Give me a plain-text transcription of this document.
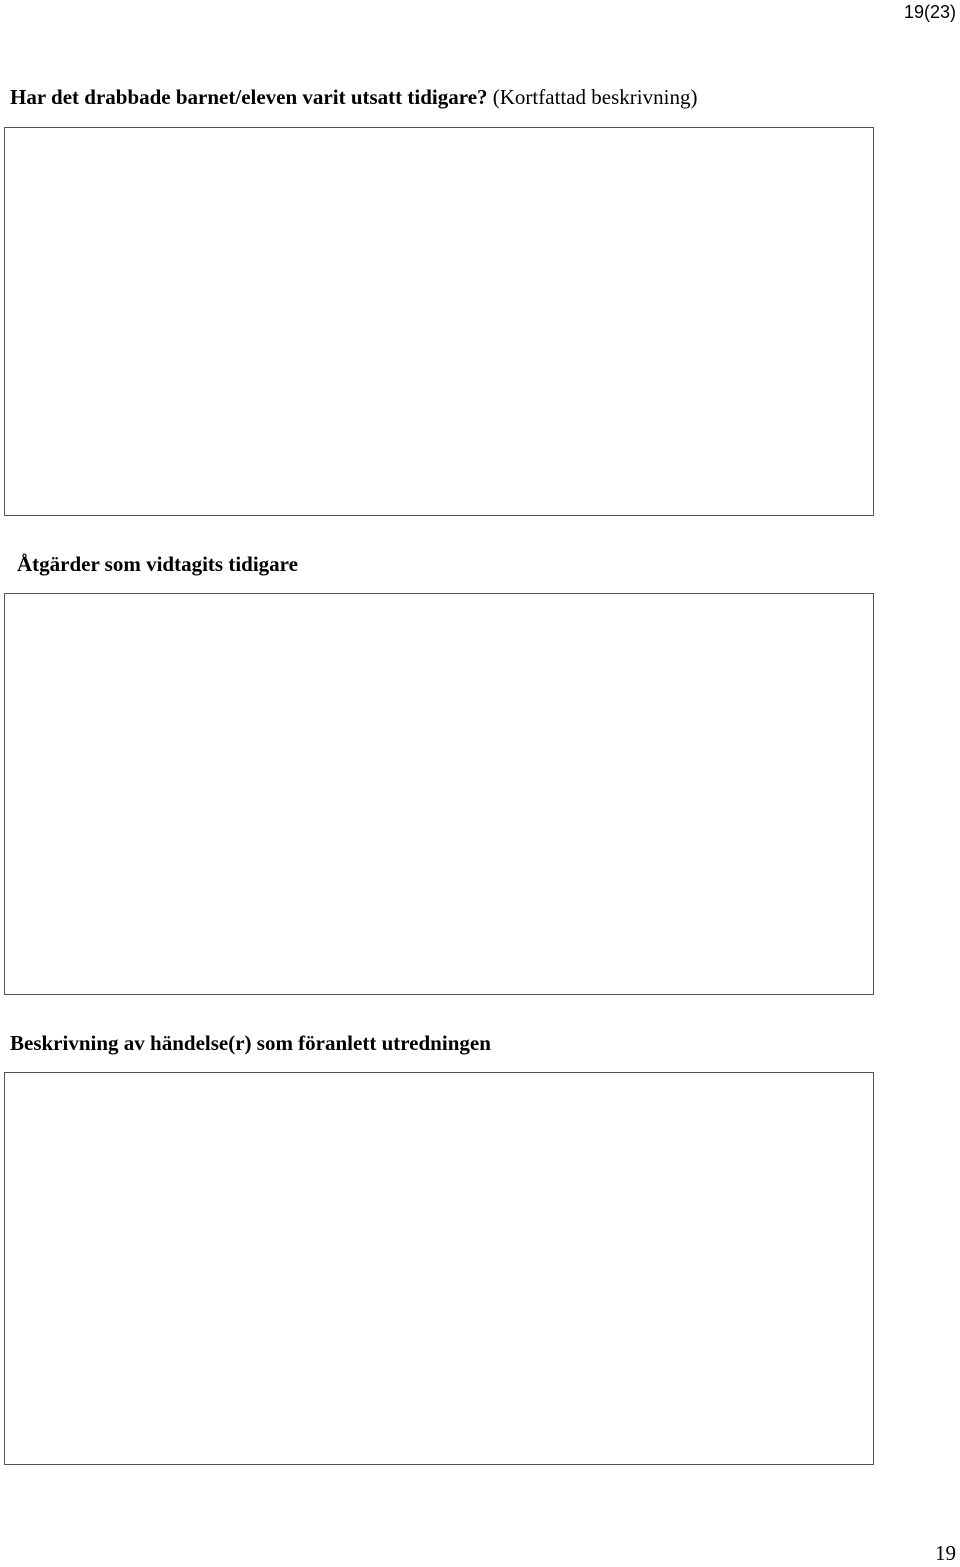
19(23)
Har det drabbade barnet/eleven varit utsatt tidigare? (Kortfattad beskrivning)
Åtgärder som vidtagits tidigare
Beskrivning av händelse(r) som föranlett utredningen
19
